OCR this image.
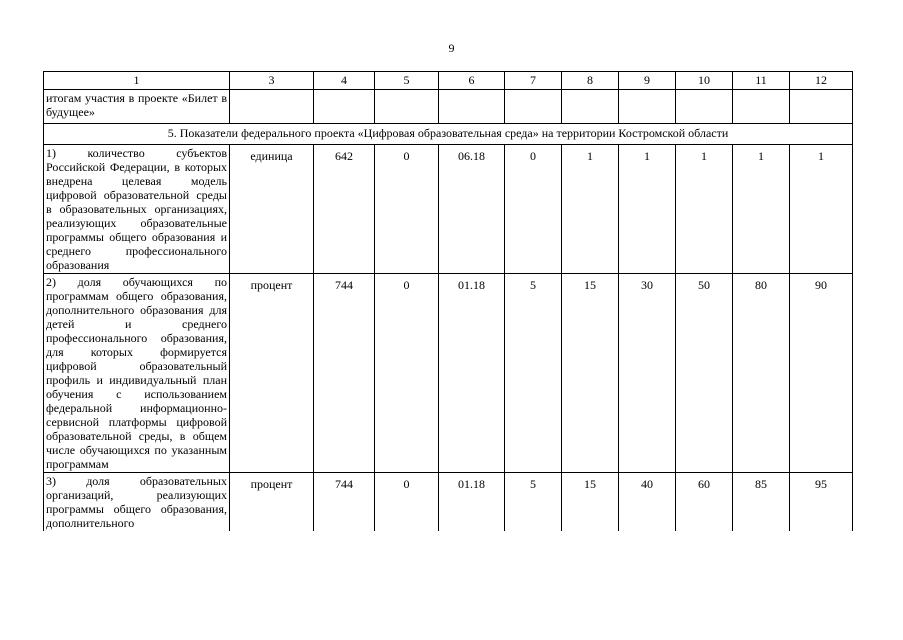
9
1	3	4	5	6	7	8	9	10	11	12
итогам участия в проекте «Билет в будущее»										
5. Показатели федерального проекта «Цифровая образовательная среда» на территории Костромской области										
1) количество субъектов Российской Федерации, в которых внедрена целевая модель цифровой образовательной среды в образовательных организациях, реализующих образовательные программы общего образования и среднего профессионального образования	единица	642	0	06.18	0	1	1	1	1	1
2) доля обучающихся по программам общего образования, дополнительного образования для детей и среднего профессионального образования, для которых формируется цифровой образовательный профиль и индивидуальный план обучения с использованием федеральной информационно-сервисной платформы цифровой образовательной среды, в общем числе обучающихся по указанным программам	процент	744	0	01.18	5	15	30	50	80	90
3) доля образовательных организаций, реализующих программы общего образования, дополнительного	процент	744	0	01.18	5	15	40	60	85	95
